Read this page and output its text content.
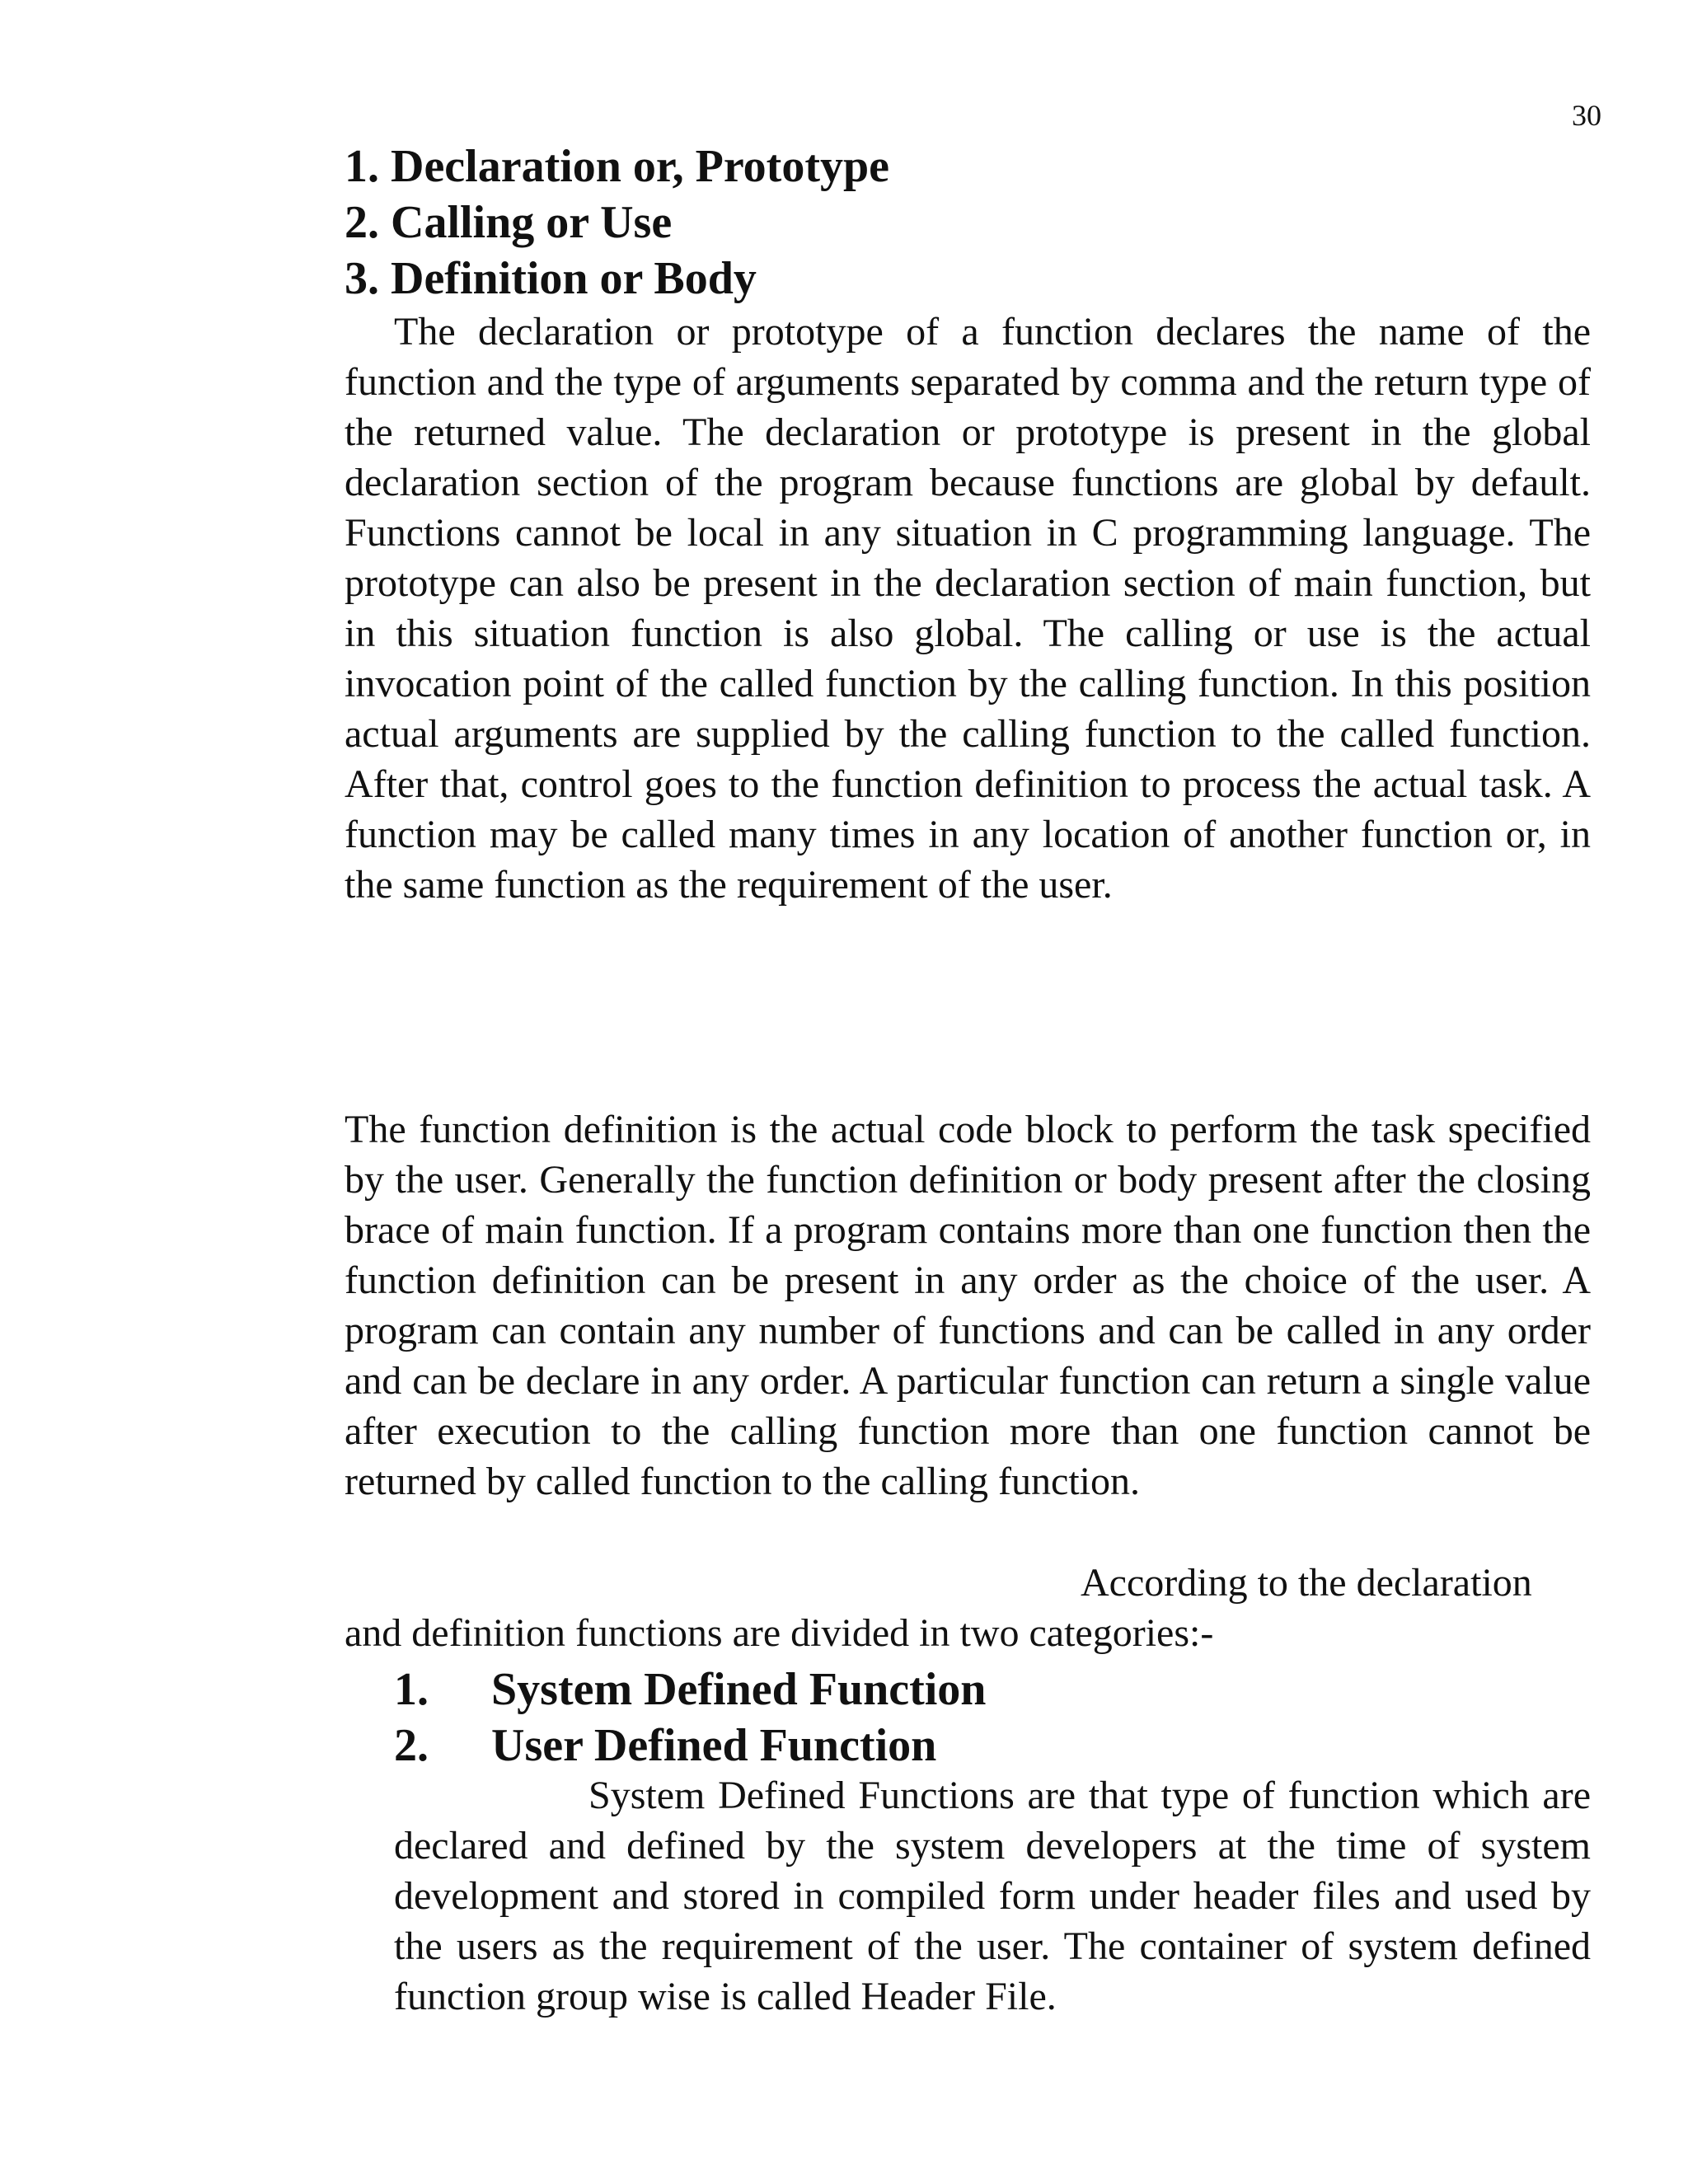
30

1. Declaration or, Prototype

2. Calling or Use

3. Definition or Body

The declaration or prototype of a function declares the name of the function and the type of arguments separated by comma and the return type of the returned value. The declaration or prototype is present in the global declaration section of the program because functions are global by default. Functions cannot be local in any situation in C programming language. The prototype can also be present in the declaration section of main function, but in this situation function is also global. The calling or use is the actual invocation point of the called function by the calling function. In this position actual arguments are supplied by the calling function to the called function. After that, control goes to the function definition to process the actual task. A function may be called many times in any location of another function or, in the same function as the requirement of the user.

The function definition is the actual code block to perform the task specified by the user. Generally the function definition or body present after the closing brace of main function. If a program contains more than one function then the function definition can be present in any order as the choice of the user. A program can contain any number of functions and can be called in any order and can be declare in any order. A particular function can return a single value after execution to the calling function more than one function cannot be returned by called function to the calling function.

According to the declaration
and definition functions are divided in two categories:-

1.	System Defined Function

2.	User Defined Function

System Defined Functions are that type of function which are declared and defined by the system developers at the time of system development and stored in compiled form under header files and used by the users as the requirement of the user. The container of system defined function group wise is called Header File.
